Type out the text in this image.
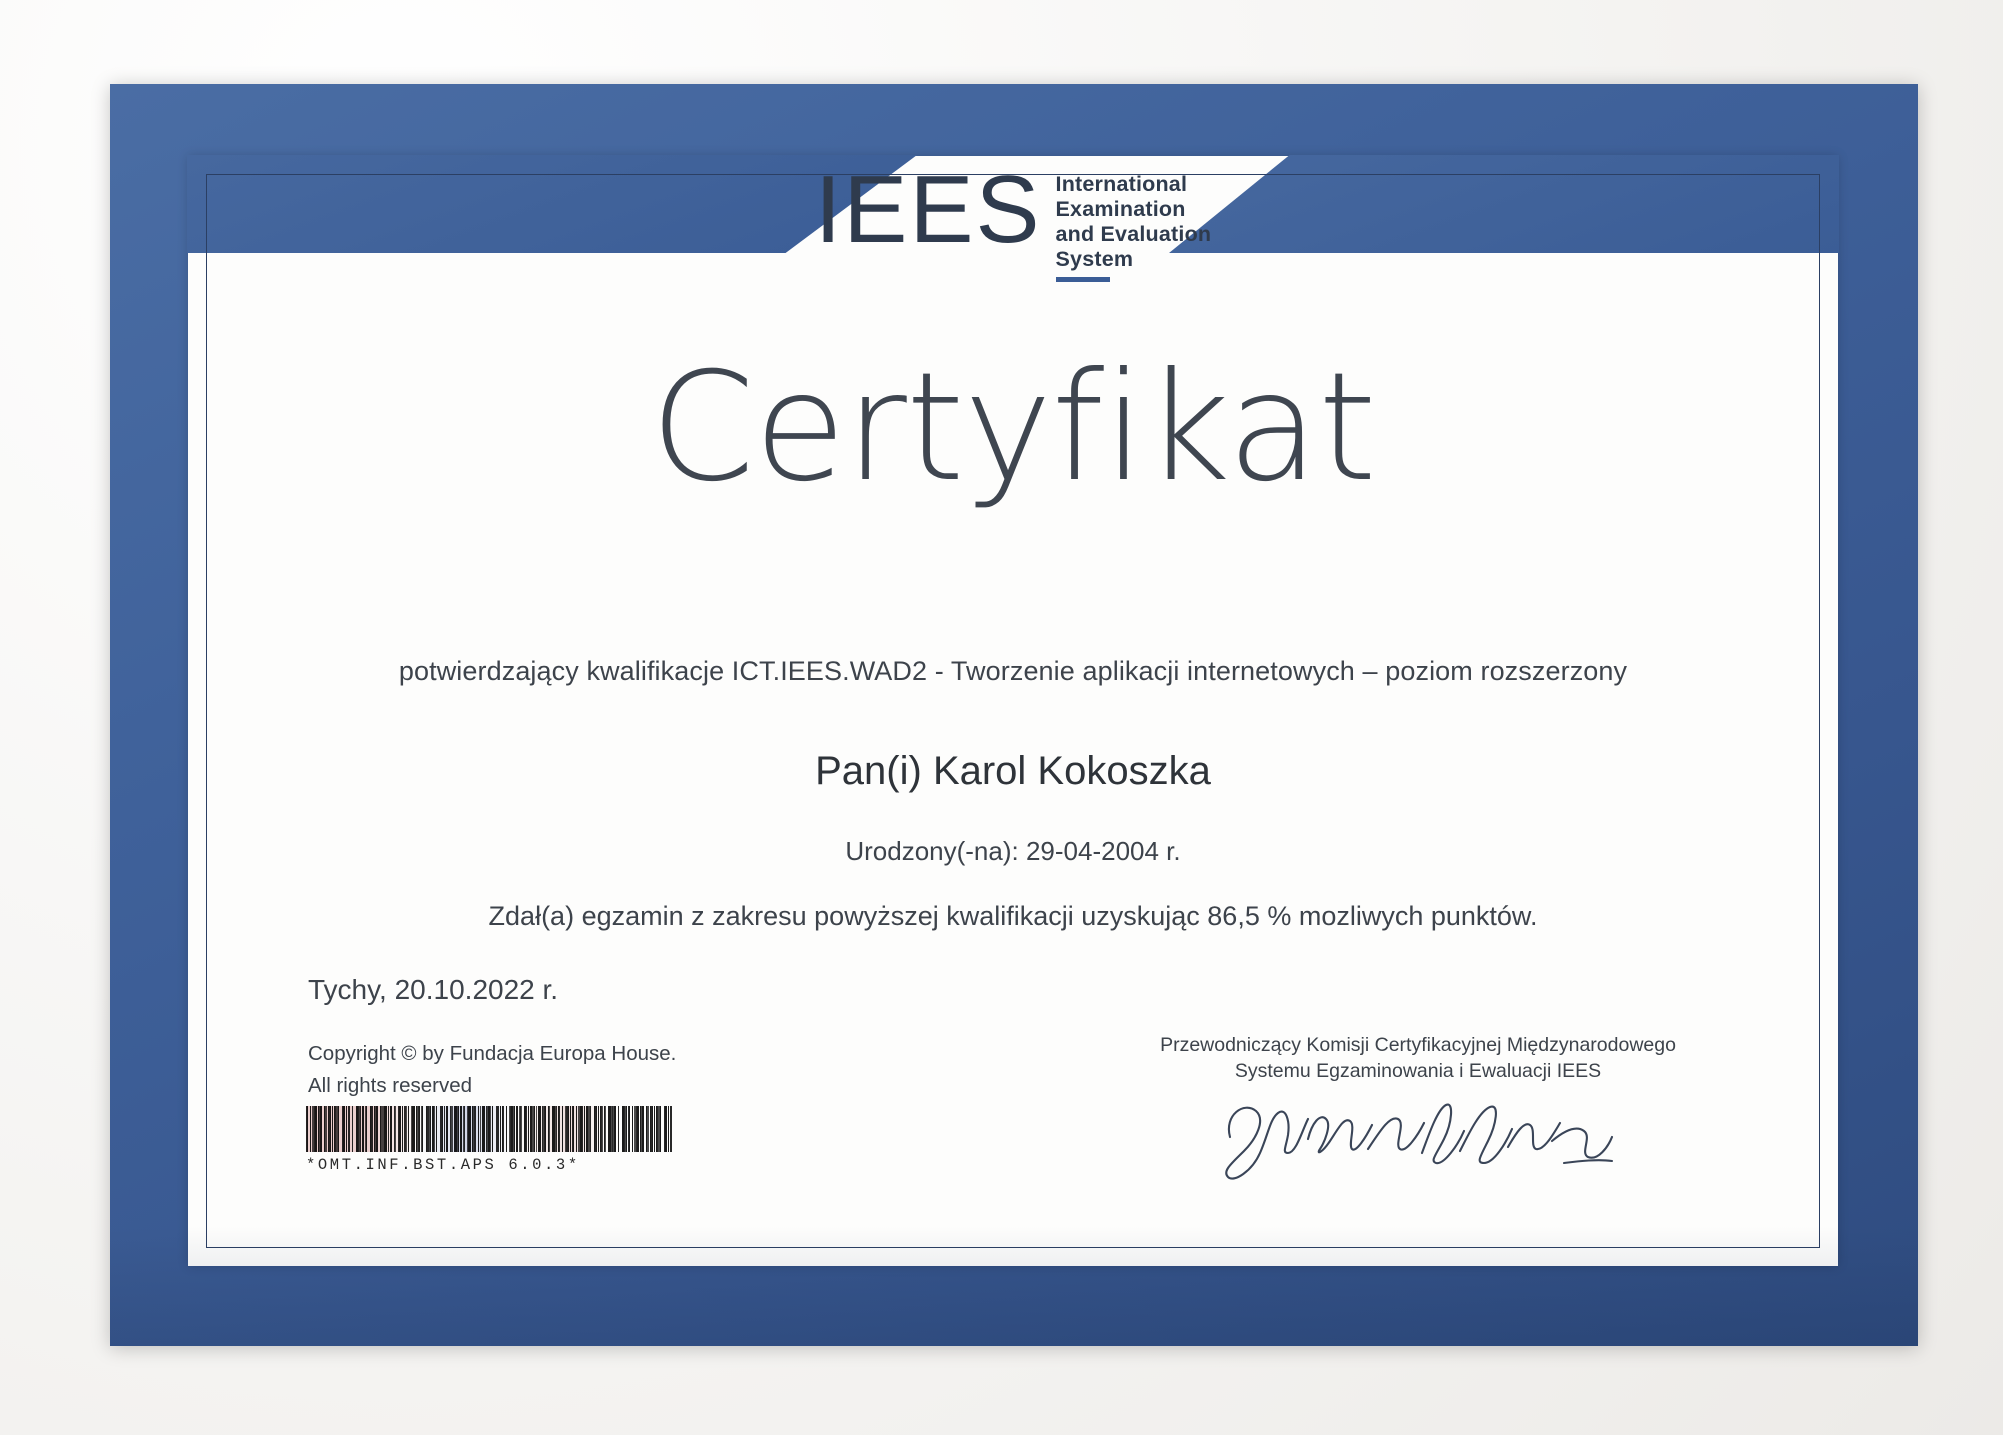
IEES International
Examination
and Evaluation
System
Certyfikat
potwierdzający kwalifikacje ICT.IEES.WAD2 - Tworzenie aplikacji internetowych – poziom rozszerzony
Pan(i) Karol Kokoszka
Urodzony(-na): 29-04-2004 r.
Zdał(a) egzamin z zakresu powyższej kwalifikacji uzyskując 86,5 % mozliwych punktów.
Tychy, 20.10.2022 r.
Copyright © by Fundacja Europa House.
All rights reserved
*OMT.INF.BST.APS 6.0.3*
Przewodniczący Komisji Certyfikacyjnej Międzynarodowego
Systemu Egzaminowania i Ewaluacji IEES
